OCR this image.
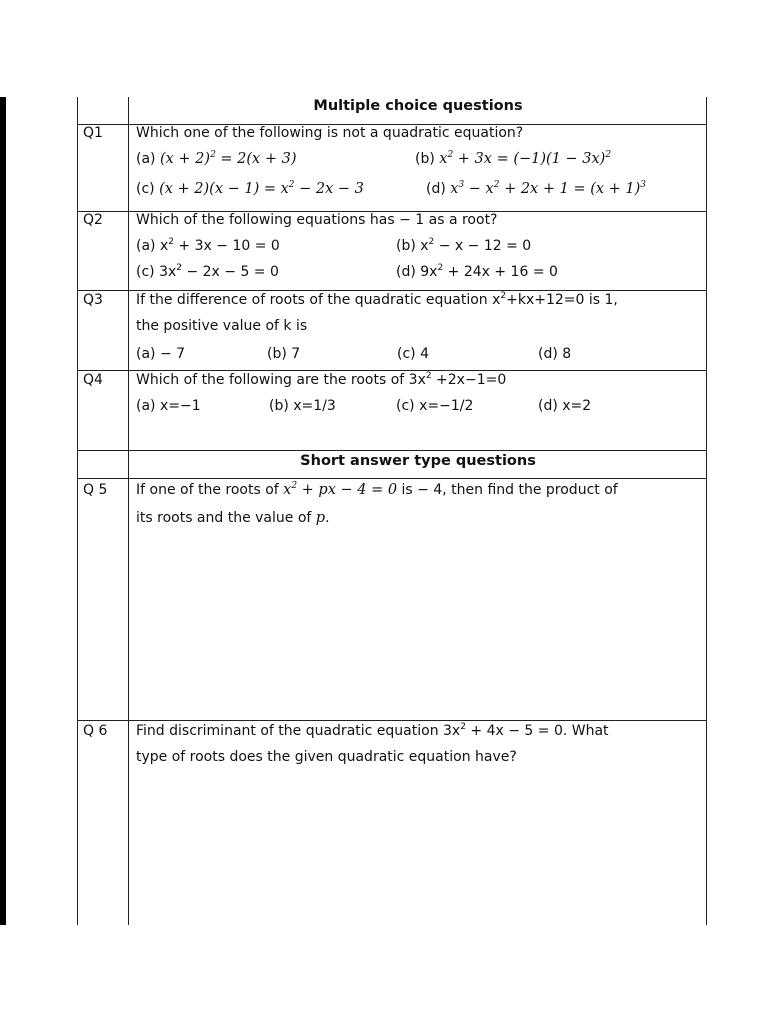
Multiple choice questions
Q1 Which one of the following is not a quadratic equation?
(a) $(x + 2)^2 = 2(x + 3)$	(b) $x^2 + 3x = (-1)(1 - 3x)^2$
(c) $(x + 2)(x - 1) = x^2 - 2x - 3$	(d) $x^3 - x^2 + 2x + 1 = (x + 1)^3$
Q2 Which of the following equations has − 1 as a root?
(a) $x^2 + 3x - 10 = 0$	(b) $x^2 - x - 12 = 0$
(c) $3x^2 - 2x - 5 = 0$	(d) $9x^2 + 24x + 16 = 0$
Q3 If the difference of roots of the quadratic equation $x^2+kx+12=0$ is 1,
the positive value of k is
(a) − 7	(b) 7	(c) 4	(d) 8
Q4 Which of the following are the roots of $3x^2 +2x-1=0$
(a) x=−1	(b) x=1/3	(c) x=−1/2	(d) x=2
Short answer type questions
Q 5 If one of the roots of $x^2$ + px − 4 = 0 is − 4, then find the product of
its roots and the value of p.
Q 6 Find discriminant of the quadratic equation $3x^2 + 4x - 5 = 0$. What
type of roots does the given quadratic equation have?
